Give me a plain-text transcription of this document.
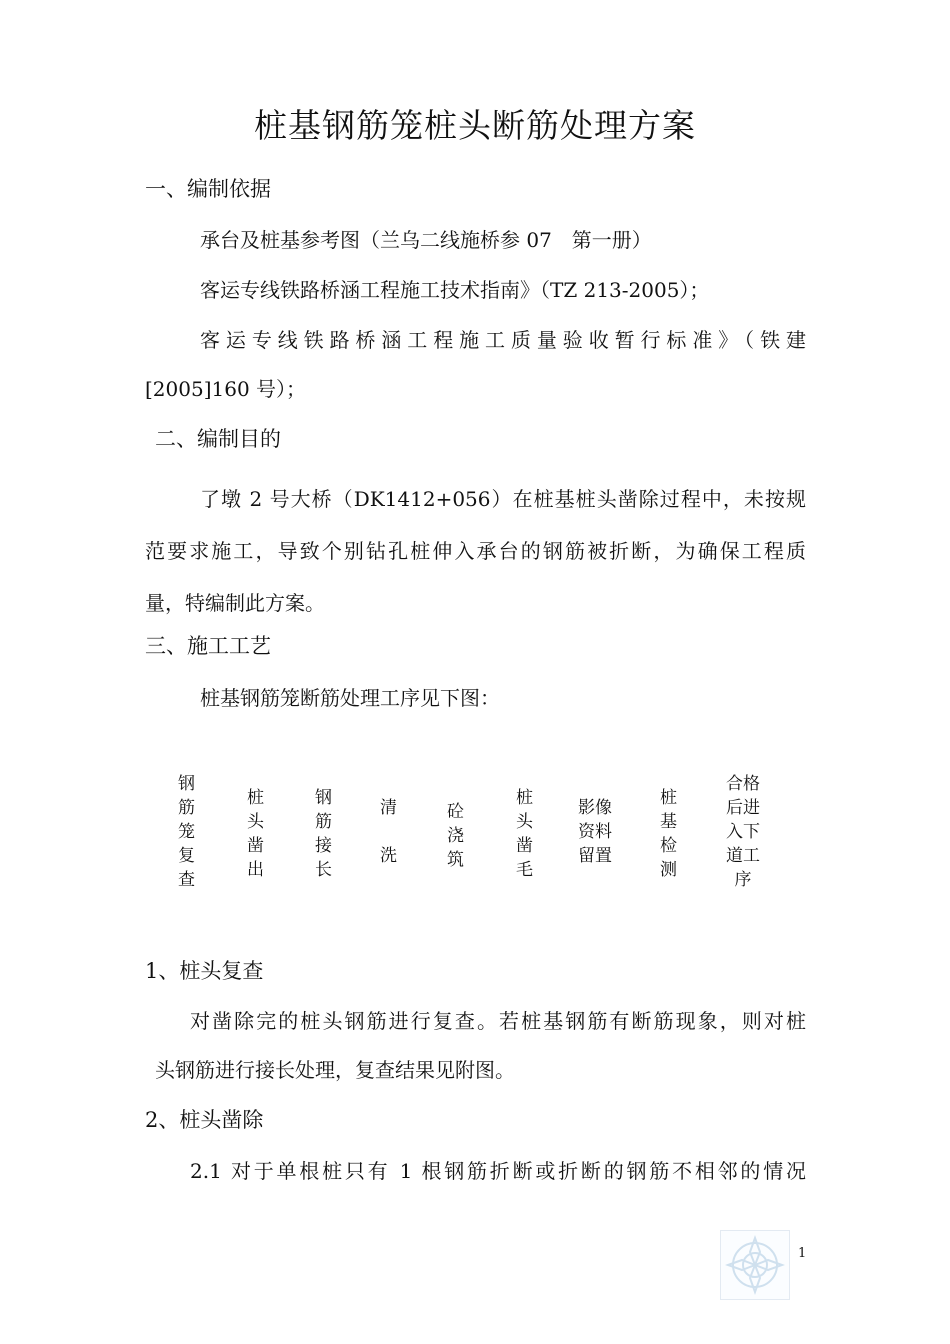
桩基钢筋笼桩头断筋处理方案
一、编制依据
承台及桩基参考图（兰乌二线施桥参 07　第一册）
客运专线铁路桥涵工程施工技术指南》（TZ 213-2005）；
客运专线铁路桥涵工程施工质量验收暂行标准》（铁建
[2005]160 号）；
二、编制目的
了墩 2 号大桥（DK1412+056）在桩基桩头凿除过程中，未按规
范要求施工，导致个别钻孔桩伸入承台的钢筋被折断，为确保工程质
量，特编制此方案。
三、施工工艺
桩基钢筋笼断筋处理工序见下图：
钢
筋
笼
复
查
桩
头
凿
出
钢
筋
接
长
清

洗
砼
浇
筑
桩
头
凿
毛
影像
资料
留置
桩
基
检
测
合格
后进
入下
道工
序
1、桩头复查
对凿除完的桩头钢筋进行复查。若桩基钢筋有断筋现象，则对桩
头钢筋进行接长处理，复查结果见附图。
2、桩头凿除
2.1 对于单根桩只有 1 根钢筋折断或折断的钢筋不相邻的情况
1
